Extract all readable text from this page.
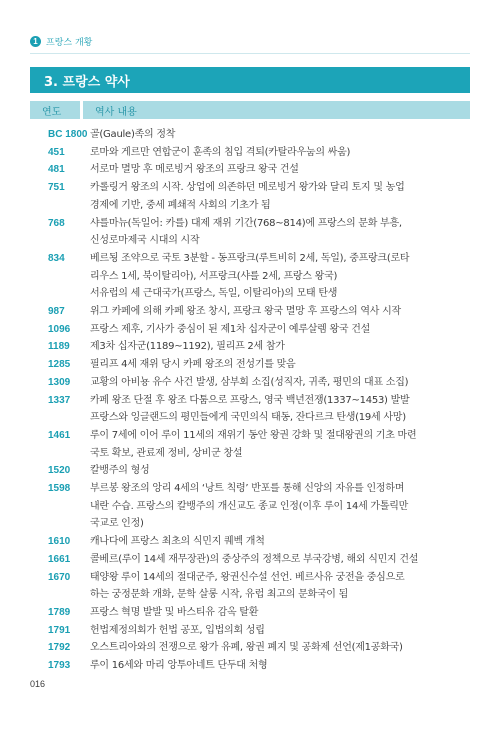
1 프랑스 개황
3. 프랑스 약사
연도	역사 내용
BC 1800 골(Gaule)족의 정착
451	로마와 게르만 연합군이 훈족의 침입 격퇴(카탈라우눔의 싸움)
481	서로마 멸망 후 메로빙거 왕조의 프랑크 왕국 건설
751	카롤링거 왕조의 시작. 상업에 의존하던 메로빙거 왕가와 달리 토지 및 농업
경제에 기반, 중세 폐쇄적 사회의 기초가 됨
768	샤를마뉴(독일어: 카를) 대제 재위 기간(768~814)에 프랑스의 문화 부흥,
신성로마제국 시대의 시작
834	베르됭 조약으로 국토 3분할 - 동프랑크(루트비히 2세, 독일), 중프랑크(로타
리우스 1세, 북이탈리아), 서프랑크(샤를 2세, 프랑스 왕국)
서유럽의 세 근대국가(프랑스, 독일, 이탈리아)의 모태 탄생
987	위그 카페에 의해 카페 왕조 창시, 프랑크 왕국 멸망 후 프랑스의 역사 시작
1096	프랑스 제후, 기사가 중심이 된 제1차 십자군이 예루살렘 왕국 건설
1189	제3차 십자군(1189~1192), 필리프 2세 참가
1285	필리프 4세 재위 당시 카페 왕조의 전성기를 맞음
1309	교황의 아비뇽 유수 사건 발생, 삼부회 소집(성직자, 귀족, 평민의 대표 소집)
1337	카페 왕조 단절 후 왕조 다툼으로 프랑스, 영국 백년전쟁(1337~1453) 발발
프랑스와 잉글랜드의 평민들에게 국민의식 태동, 잔다르크 탄생(19세 사망)
1461	루이 7세에 이어 루이 11세의 재위기 동안 왕권 강화 및 절대왕권의 기초 마련
국토 확보, 관료제 정비, 상비군 창설
1520	칼뱅주의 형성
1598	부르봉 왕조의 앙리 4세의 ‘낭트 칙령’ 반포를 통해 신앙의 자유를 인정하며
내란 수습. 프랑스의 칼뱅주의 개신교도 종교 인정(이후 루이 14세 가톨릭만
국교로 인정)
1610	캐나다에 프랑스 최초의 식민지 퀘벡 개척
1661	콜베르(루이 14세 재무장관)의 중상주의 정책으로 부국강병, 해외 식민지 건설
1670	태양왕 루이 14세의 절대군주, 왕권신수설 선언. 베르사유 궁전을 중심으로
하는 궁정문화 개화, 문학 살롱 시작, 유럽 최고의 문화국이 됨
1789	프랑스 혁명 발발 및 바스티유 감옥 탈환
1791	헌법제정의회가 헌법 공포, 입법의회 성립
1792	오스트리아와의 전쟁으로 왕가 유폐, 왕권 폐지 및 공화제 선언(제1공화국)
1793	루이 16세와 마리 앙투아네트 단두대 처형
016
